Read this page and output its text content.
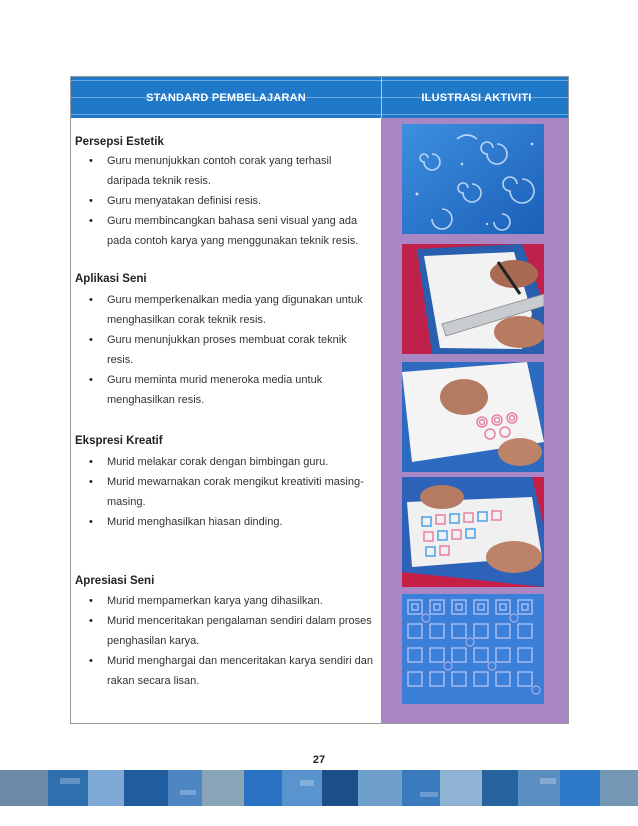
STANDARD PEMBELAJARAN	ILUSTRASI AKTIVITI
Persepsi Estetik
•	Guru menunjukkan contoh corak yang terhasil daripada teknik resis.
•	Guru menyatakan definisi resis.
•	Guru membincangkan bahasa seni visual yang ada pada contoh karya yang menggunakan teknik resis.
Aplikasi Seni
•	Guru memperkenalkan media yang digunakan untuk menghasilkan corak teknik resis.
•	Guru menunjukkan proses membuat corak teknik resis.
•	Guru meminta murid meneroka media untuk menghasilkan resis.
Ekspresi Kreatif
•	Murid melakar corak dengan bimbingan guru.
•	Murid mewarnakan corak mengikut kreativiti masing-masing.
•	Murid menghasilkan hiasan dinding.
Apresiasi Seni
•	Murid mempamerkan karya yang dihasilkan.
•	Murid menceritakan pengalaman sendiri dalam proses penghasilan karya.
•	Murid menghargai dan menceritakan karya sendiri dan rakan secara lisan.
27
